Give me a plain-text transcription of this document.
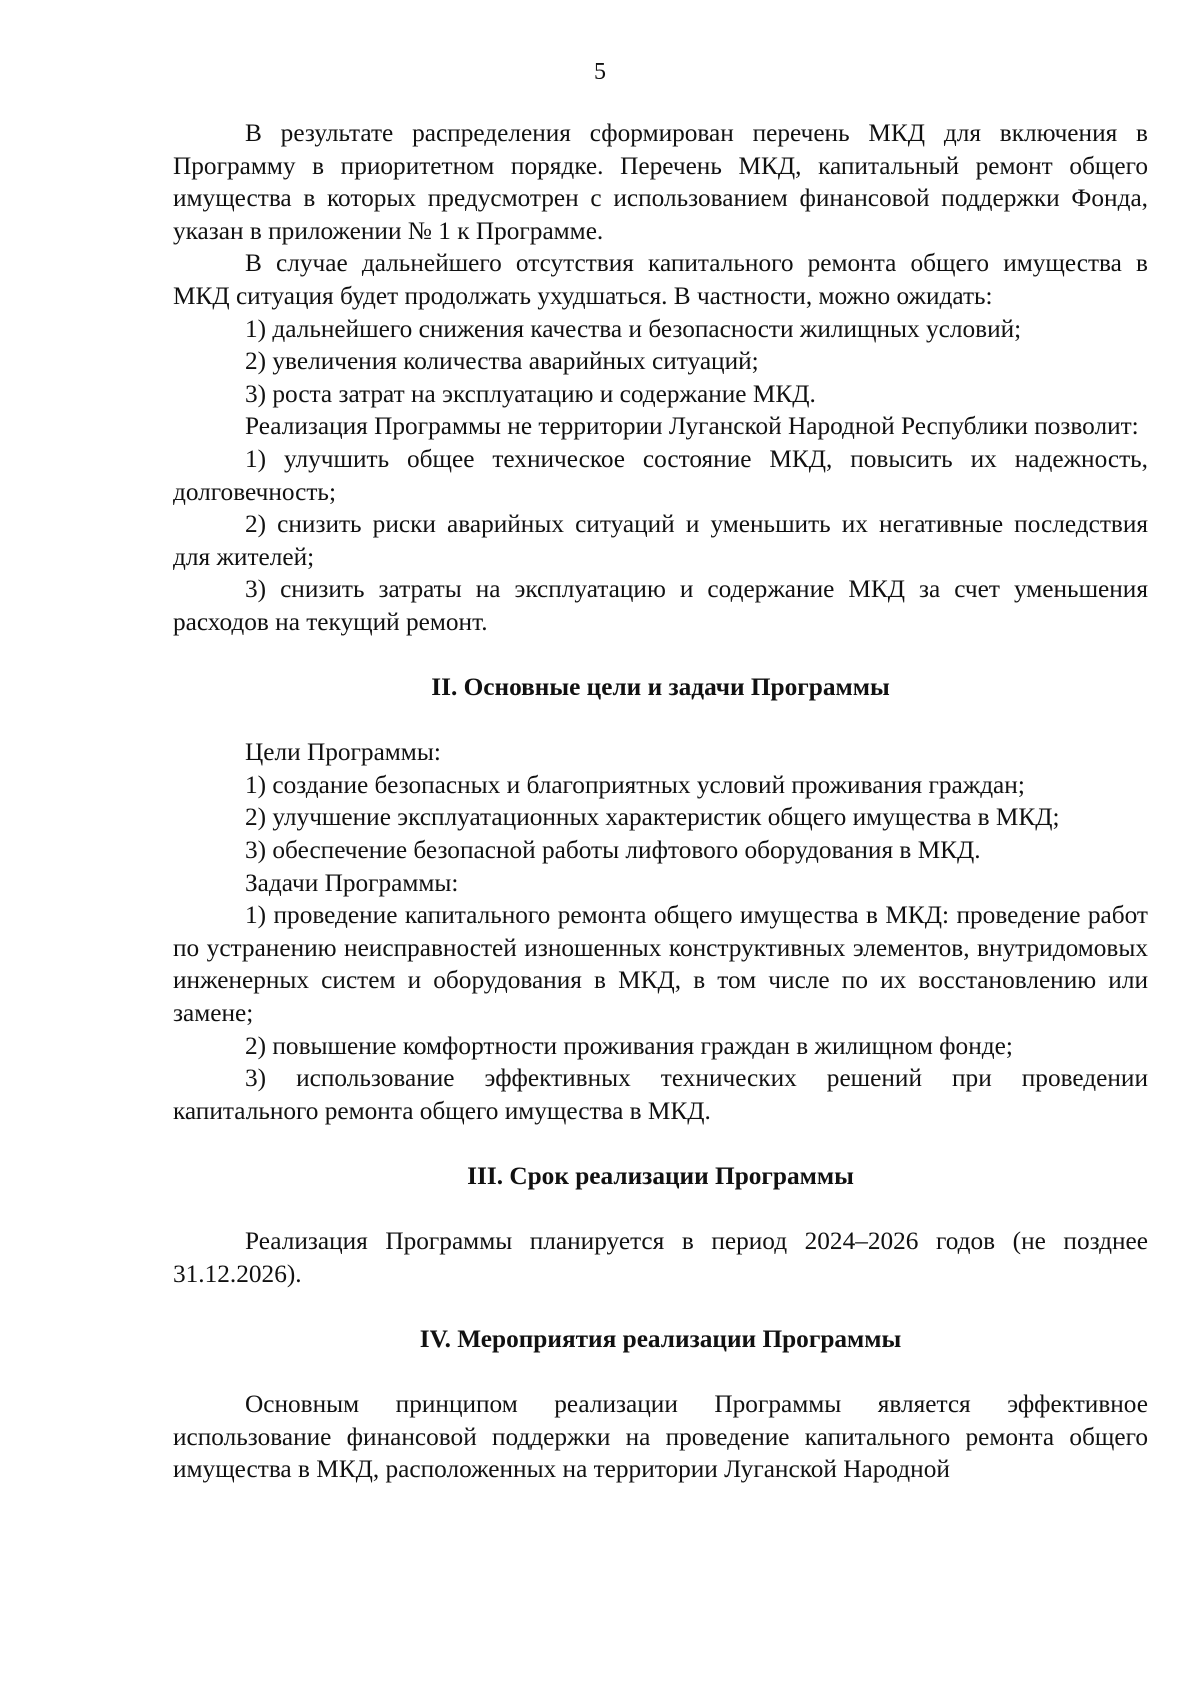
5

В результате распределения сформирован перечень МКД для включения в Программу в приоритетном порядке. Перечень МКД, капитальный ремонт общего имущества в которых предусмотрен с использованием финансовой поддержки Фонда, указан в приложении № 1 к Программе.

В случае дальнейшего отсутствия капитального ремонта общего имущества в МКД ситуация будет продолжать ухудшаться. В частности, можно ожидать:

1) дальнейшего снижения качества и безопасности жилищных условий;

2) увеличения количества аварийных ситуаций;

3) роста затрат на эксплуатацию и содержание МКД.

Реализация Программы не территории Луганской Народной Республики позволит:

1) улучшить общее техническое состояние МКД, повысить их надежность, долговечность;

2) снизить риски аварийных ситуаций и уменьшить их негативные последствия для жителей;

3) снизить затраты на эксплуатацию и содержание МКД за счет уменьшения расходов на текущий ремонт.

II. Основные цели и задачи Программы

Цели Программы:

1) создание безопасных и благоприятных условий проживания граждан;

2) улучшение эксплуатационных характеристик общего имущества в МКД;

3) обеспечение безопасной работы лифтового оборудования в МКД.

Задачи Программы:

1) проведение капитального ремонта общего имущества в МКД: проведение работ по устранению неисправностей изношенных конструктивных элементов, внутридомовых инженерных систем и оборудования в МКД, в том числе по их восстановлению или замене;

2) повышение комфортности проживания граждан в жилищном фонде;

3) использование эффективных технических решений при проведении капитального ремонта общего имущества в МКД.

III. Срок реализации Программы

Реализация Программы планируется в период 2024–2026 годов (не позднее 31.12.2026).

IV. Мероприятия реализации Программы

Основным принципом реализации Программы является эффективное использование финансовой поддержки на проведение капитального ремонта общего имущества в МКД, расположенных на территории Луганской Народной
